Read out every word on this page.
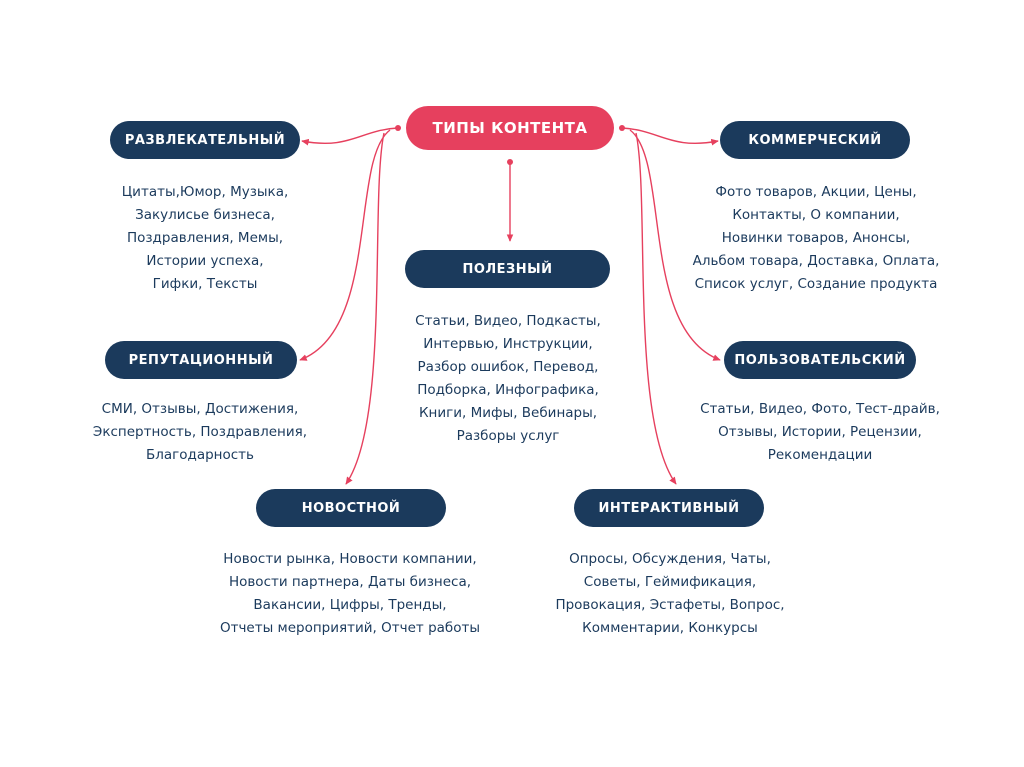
ТИПЫ КОНТЕНТА
РАЗВЛЕКАТЕЛЬНЫЙ
Цитаты,Юмор, Музыка,
Закулисье бизнеса,
Поздравления, Мемы,
Истории успеха,
Гифки, Тексты
КОММЕРЧЕСКИЙ
Фото товаров, Акции, Цены,
Контакты, О компании,
Новинки товаров, Анонсы,
Альбом товара, Доставка, Оплата,
Список услуг, Создание продукта
ПОЛЕЗНЫЙ
Статьи, Видео, Подкасты,
Интервью, Инструкции,
Разбор ошибок, Перевод,
Подборка, Инфографика,
Книги, Мифы, Вебинары,
Разборы услуг
РЕПУТАЦИОННЫЙ
СМИ, Отзывы, Достижения,
Экспертность, Поздравления,
Благодарность
ПОЛЬЗОВАТЕЛЬСКИЙ
Статьи, Видео, Фото, Тест-драйв,
Отзывы, Истории, Рецензии,
Рекомендации
НОВОСТНОЙ
Новости рынка, Новости компании,
Новости партнера, Даты бизнеса,
Вакансии, Цифры, Тренды,
Отчеты мероприятий, Отчет работы
ИНТЕРАКТИВНЫЙ
Опросы, Обсуждения, Чаты,
Советы, Геймификация,
Провокация, Эстафеты, Вопрос,
Комментарии, Конкурсы
